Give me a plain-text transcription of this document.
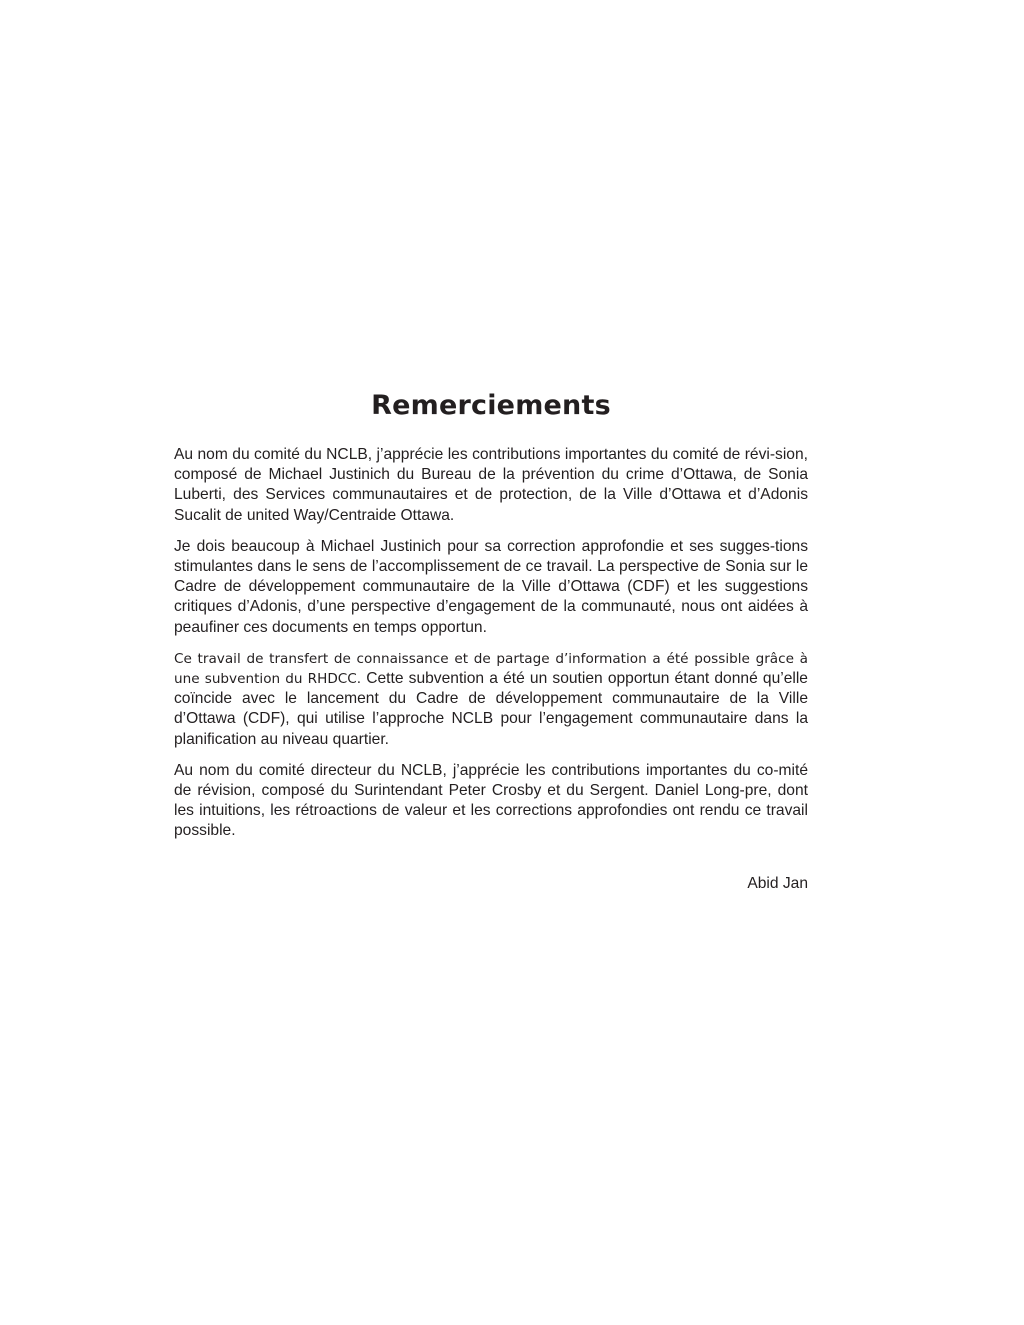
Remerciements

Au nom du comité du NCLB, j’apprécie les contributions importantes du comité de révi-sion, composé de Michael Justinich du Bureau de la prévention du crime d’Ottawa, de Sonia Luberti, des Services communautaires et de protection, de la Ville d’Ottawa et d’Adonis Sucalit de united Way/Centraide Ottawa.

Je dois beaucoup à Michael Justinich pour sa correction approfondie et ses sugges-tions stimulantes dans le sens de l’accomplissement de ce travail. La perspective de Sonia sur le Cadre de développement communautaire de la Ville d’Ottawa (CDF) et les suggestions critiques d’Adonis, d’une perspective d’engagement de la communauté, nous ont aidées à peaufiner ces documents en temps opportun.

Ce travail de transfert de connaissance et de partage d’information a été possible grâce à une subvention du RHDCC. Cette subvention a été un soutien opportun étant donné qu’elle coïncide avec le lancement du Cadre de développement communautaire de la Ville d’Ottawa (CDF), qui utilise l’approche NCLB pour l’engagement communautaire dans la planification au niveau quartier.

Au nom du comité directeur du NCLB, j’apprécie les contributions importantes du co-mité de révision, composé du Surintendant Peter Crosby et du Sergent. Daniel Long-pre, dont les intuitions, les rétroactions de valeur et les corrections approfondies ont rendu ce travail possible.

Abid Jan
